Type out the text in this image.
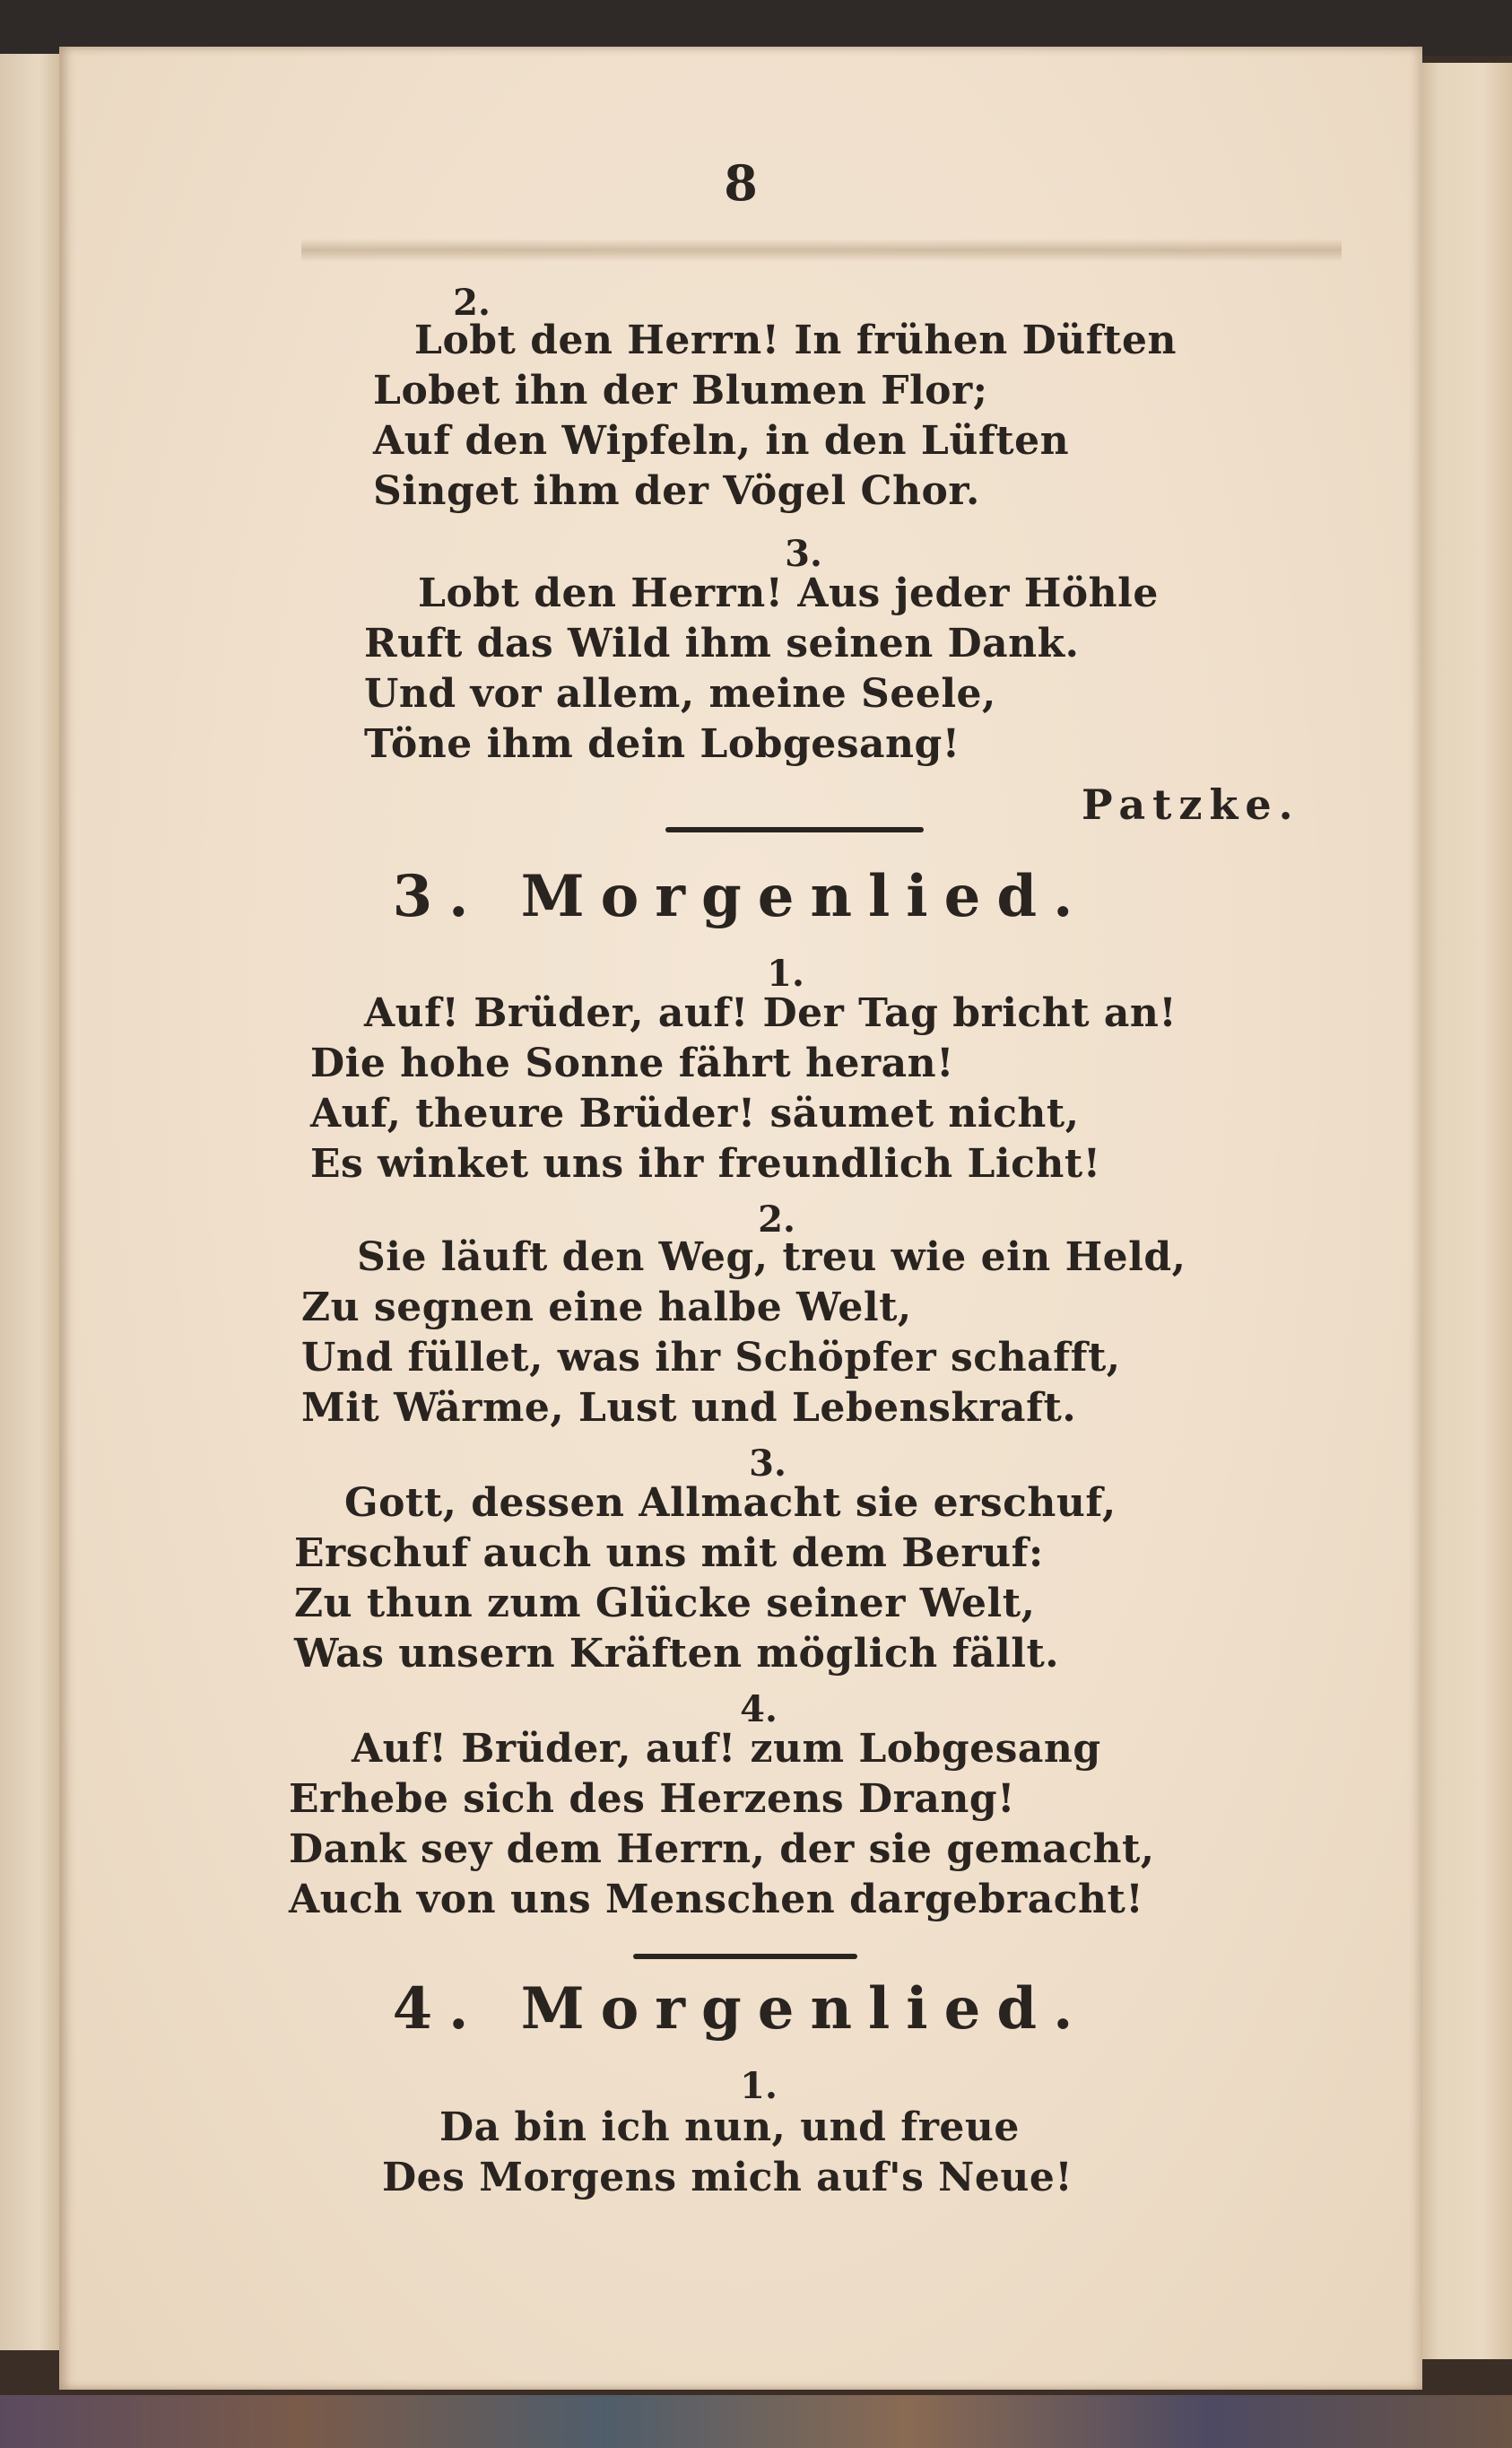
8
2.
Lobt den Herrn! In frühen Düften
Lobet ihn der Blumen Flor;
Auf den Wipfeln, in den Lüften
Singet ihm der Vögel Chor.
3.
Lobt den Herrn! Aus jeder Höhle
Ruft das Wild ihm seinen Dank.
Und vor allem, meine Seele,
Töne ihm dein Lobgesang!
Patzke.
3. Morgenlied.
1.
Auf! Brüder, auf! Der Tag bricht an!
Die hohe Sonne fährt heran!
Auf, theure Brüder! säumet nicht,
Es winket uns ihr freundlich Licht!
2.
Sie läuft den Weg, treu wie ein Held,
Zu segnen eine halbe Welt,
Und füllet, was ihr Schöpfer schafft,
Mit Wärme, Lust und Lebenskraft.
3.
Gott, dessen Allmacht sie erschuf,
Erschuf auch uns mit dem Beruf:
Zu thun zum Glücke seiner Welt,
Was unsern Kräften möglich fällt.
4.
Auf! Brüder, auf! zum Lobgesang
Erhebe sich des Herzens Drang!
Dank sey dem Herrn, der sie gemacht,
Auch von uns Menschen dargebracht!
4. Morgenlied.
1.
Da bin ich nun, und freue
Des Morgens mich auf's Neue!
